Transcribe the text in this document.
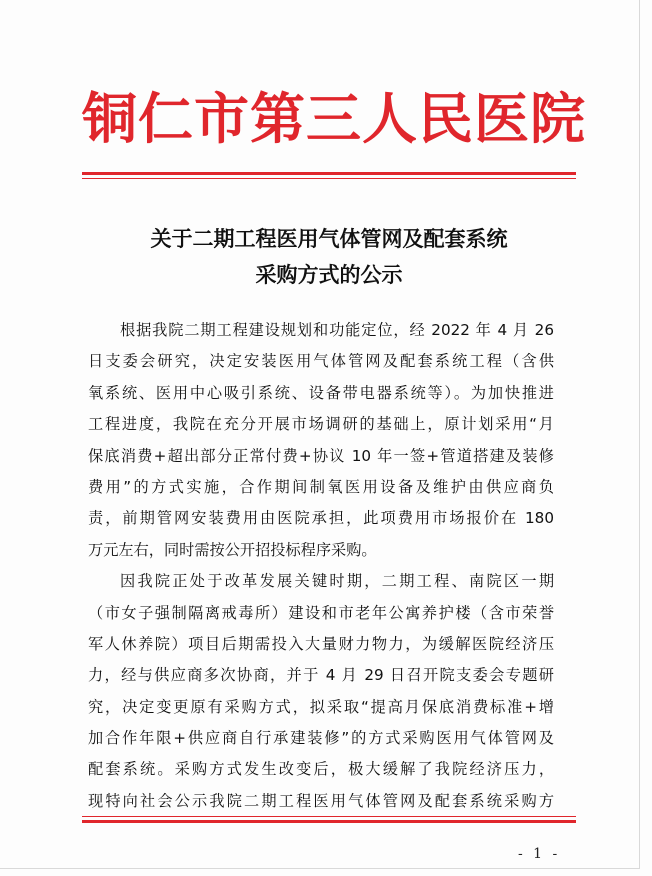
铜仁市第三人民医院
关于二期工程医用气体管网及配套系统
采购方式的公示
根据我院二期工程建设规划和功能定位，经 2022 年 4 月 26
日支委会研究，决定安装医用气体管网及配套系统工程（含供
氧系统、医用中心吸引系统、设备带电器系统等）。为加快推进
工程进度，我院在充分开展市场调研的基础上，原计划采用“月
保底消费+超出部分正常付费+协议 10 年一签+管道搭建及装修
费用”的方式实施，合作期间制氧医用设备及维护由供应商负
责，前期管网安装费用由医院承担，此项费用市场报价在 180
万元左右，同时需按公开招投标程序采购。
因我院正处于改革发展关键时期，二期工程、南院区一期
（市女子强制隔离戒毒所）建设和市老年公寓养护楼（含市荣誉
军人休养院）项目后期需投入大量财力物力，为缓解医院经济压
力，经与供应商多次协商，并于 4 月 29 日召开院支委会专题研
究，决定变更原有采购方式，拟采取“提高月保底消费标准+增
加合作年限+供应商自行承建装修”的方式采购医用气体管网及
配套系统。采购方式发生改变后，极大缓解了我院经济压力，
现特向社会公示我院二期工程医用气体管网及配套系统采购方
- 1 -
